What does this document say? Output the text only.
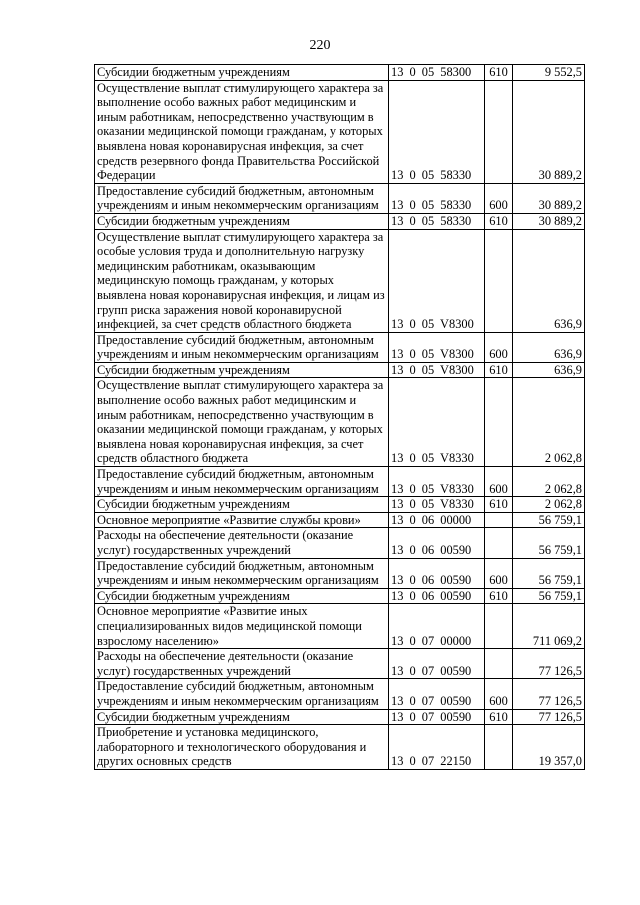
220
Субсидии бюджетным учреждениям	13 0 05 58300	610	9 552,5
Осуществление выплат стимулирующего характера за выполнение особо важных работ медицинским и иным работникам, непосредственно участвующим в оказании медицинской помощи гражданам, у которых выявлена новая коронавирусная инфекция, за счет средств резервного фонда Правительства Российской Федерации	13 0 05 58330		30 889,2
Предоставление субсидий бюджетным, автономным учреждениям и иным некоммерческим организациям	13 0 05 58330	600	30 889,2
Субсидии бюджетным учреждениям	13 0 05 58330	610	30 889,2
Осуществление выплат стимулирующего характера за особые условия труда и дополнительную нагрузку медицинским работникам, оказывающим медицинскую помощь гражданам, у которых выявлена новая коронавирусная инфекция, и лицам из групп риска заражения новой коронавирусной инфекцией, за счет средств областного бюджета	13 0 05 V8300		636,9
Предоставление субсидий бюджетным, автономным учреждениям и иным некоммерческим организациям	13 0 05 V8300	600	636,9
Субсидии бюджетным учреждениям	13 0 05 V8300	610	636,9
Осуществление выплат стимулирующего характера за выполнение особо важных работ медицинским и иным работникам, непосредственно участвующим в оказании медицинской помощи гражданам, у которых выявлена новая коронавирусная инфекция, за счет средств областного бюджета	13 0 05 V8330		2 062,8
Предоставление субсидий бюджетным, автономным учреждениям и иным некоммерческим организациям	13 0 05 V8330	600	2 062,8
Субсидии бюджетным учреждениям	13 0 05 V8330	610	2 062,8
Основное мероприятие «Развитие службы крови»	13 0 06 00000		56 759,1
Расходы на обеспечение деятельности (оказание услуг) государственных учреждений	13 0 06 00590		56 759,1
Предоставление субсидий бюджетным, автономным учреждениям и иным некоммерческим организациям	13 0 06 00590	600	56 759,1
Субсидии бюджетным учреждениям	13 0 06 00590	610	56 759,1
Основное мероприятие «Развитие иных специализированных видов медицинской помощи взрослому населению»	13 0 07 00000		711 069,2
Расходы на обеспечение деятельности (оказание услуг) государственных учреждений	13 0 07 00590		77 126,5
Предоставление субсидий бюджетным, автономным учреждениям и иным некоммерческим организациям	13 0 07 00590	600	77 126,5
Субсидии бюджетным учреждениям	13 0 07 00590	610	77 126,5
Приобретение и установка медицинского, лабораторного и технологического оборудования и других основных средств	13 0 07 22150		19 357,0
